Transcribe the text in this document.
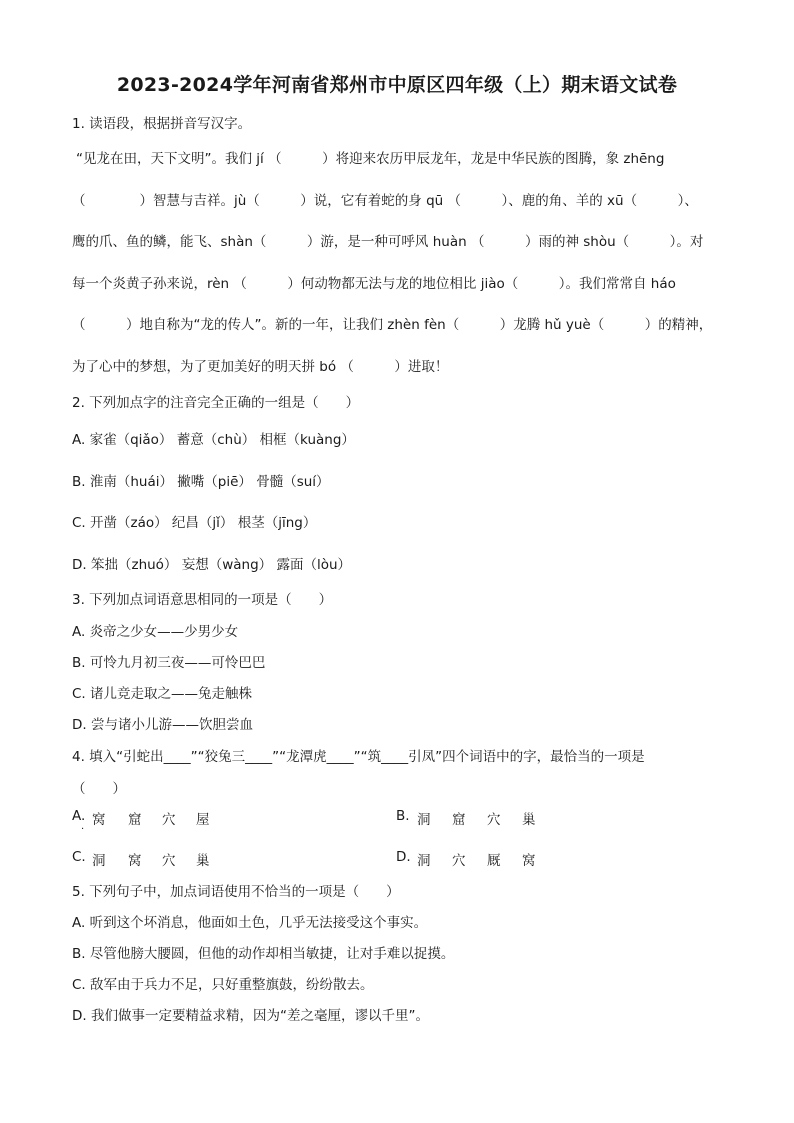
2023-2024学年河南省郑州市中原区四年级（上）期末语文试卷
1. 读语段，根据拼音写汉字。
“见龙在田，天下文明”。我们 jí （　　　）将迎来农历甲辰龙年，龙是中华民族的图腾，象 zhēng
（　　　　）智慧与吉祥。jù（　　　）说，它有着蛇的身 qū （　　　）、鹿的角、羊的 xū（　　　）、
鹰的爪、鱼的鳞，能飞、shàn（　　　）游，是一种可呼风 huàn （　　　）雨的神 shòu（　　　）。对
每一个炎黄子孙来说，rèn （　　　）何动物都无法与龙的地位相比 jiào（　　　）。我们常常自 háo
（　　　）地自称为“龙的传人”。新的一年，让我们 zhèn fèn（　　　）龙腾 hǔ yuè（　　　）的精神，
为了心中的梦想，为了更加美好的明天拼 bó （　　　）进取！
2. 下列加点字的注音完全正确的一组是（　　）
A. 家雀（qiǎo） 蓄意（chù） 相框（kuàng）
B. 淮南（huái） 撇嘴（piē） 骨髓（suí）
C. 开凿（záo） 纪昌（jǐ） 根茎（jīng）
D. 笨拙（zhuó） 妄想（wàng） 露面（lòu）
3. 下列加点词语意思相同的一项是（　　）
A. 炎帝之少女——少男少女
B. 可怜九月初三夜——可怜巴巴
C. 诸儿竞走取之——兔走触株
D. 尝与诸小儿游——饮胆尝血
4. 填入“引蛇出____”“狡兔三____”“龙潭虎____”“筑____引凤”四个词语中的字，最恰当的一项是
（　　）
A.
. 窝 窟 穴 屋	B. 洞 窟 穴 巢
C. 洞 窝 穴 巢	D. 洞 穴 厩 窝
5. 下列句子中，加点词语使用不恰当的一项是（　　）
A. 听到这个坏消息，他面如土色，几乎无法接受这个事实。
B. 尽管他膀大腰圆，但他的动作却相当敏捷，让对手难以捉摸。
C. 敌军由于兵力不足，只好重整旗鼓，纷纷散去。
D. 我们做事一定要精益求精，因为“差之毫厘，谬以千里”。
